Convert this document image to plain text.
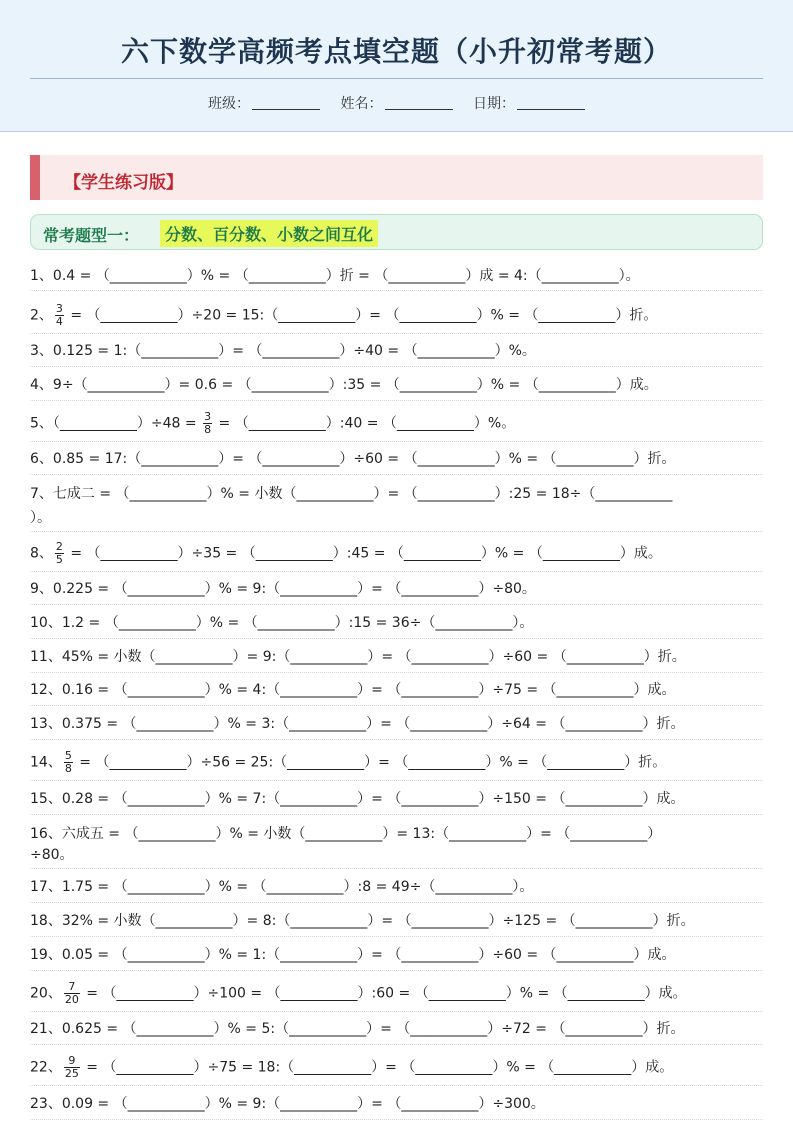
六下数学高频考点填空题（小升初常考题）
班级：	姓名：	日期：
【学生练习版】
常考题型一：	分数、百分数、小数之间互化
1、0.4 = （___________）% = （___________）折 = （___________）成 = 4:（___________）。
2、 $\frac{3}{4}$ = （___________）÷20 = 15:（___________）= （___________）% = （___________）折。
3、0.125 = 1:（___________）= （___________）÷40 = （___________）%。
4、9÷（___________）= 0.6 = （___________）:35 = （___________）% = （___________）成。
5、（___________）÷48 = $\frac{3}{8}$ = （___________）:40 = （___________）%。
6、0.85 = 17:（___________）= （___________）÷60 = （___________）% = （___________）折。
7、七成二 = （___________）% = 小数（___________）= （___________）:25 = 18÷（___________
）。
8、 $\frac{2}{5}$ = （___________）÷35 = （___________）:45 = （___________）% = （___________）成。
9、0.225 = （___________）% = 9:（___________）= （___________）÷80。
10、1.2 = （___________）% = （___________）:15 = 36÷（___________）。
11、45% = 小数（___________）= 9:（___________）= （___________）÷60 = （___________）折。
12、0.16 = （___________）% = 4:（___________）= （___________）÷75 = （___________）成。
13、0.375 = （___________）% = 3:（___________）= （___________）÷64 = （___________）折。
14、 $\frac{5}{8}$ = （___________）÷56 = 25:（___________）= （___________）% = （___________）折。
15、0.28 = （___________）% = 7:（___________）= （___________）÷150 = （___________）成。
16、六成五 = （___________）% = 小数（___________）= 13:（___________）= （___________）
÷80。
17、1.75 = （___________）% = （___________）:8 = 49÷（___________）。
18、32% = 小数（___________）= 8:（___________）= （___________）÷125 = （___________）折。
19、0.05 = （___________）% = 1:（___________）= （___________）÷60 = （___________）成。
20、 $\frac{7}{20}$ = （___________）÷100 = （___________）:60 = （___________）% = （___________）成。
21、0.625 = （___________）% = 5:（___________）= （___________）÷72 = （___________）折。
22、 $\frac{9}{25}$ = （___________）÷75 = 18:（___________）= （___________）% = （___________）成。
23、0.09 = （___________）% = 9:（___________）= （___________）÷300。
